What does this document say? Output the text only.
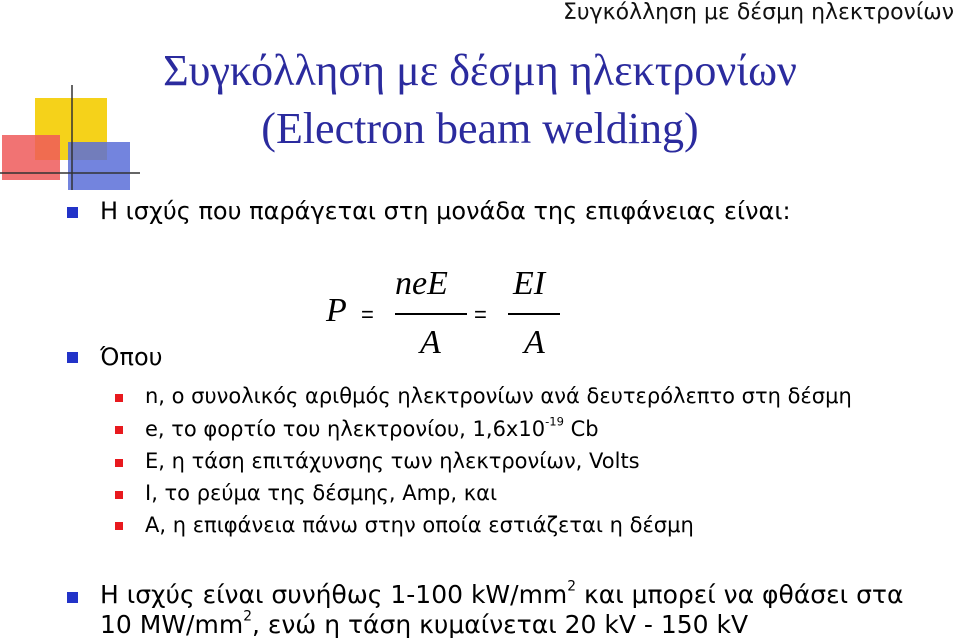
Συγκόλληση με δέσμη ηλεκτρονίων
Συγκόλληση με δέσμη ηλεκτρονίων
(Electron beam welding)
Η ισχύς που παράγεται στη μονάδα της επιφάνειας είναι:
P =
neE
A
=
EI
A
Όπου
n, ο συνολικός αριθμός ηλεκτρονίων ανά δευτερόλεπτο στη δέσμη
e, το φορτίο του ηλεκτρονίου, $1,6x10^{-19}$ Cb
E, η τάση επιτάχυνσης των ηλεκτρονίων, Volts
I, το ρεύμα της δέσμης, Amp, και
A, η επιφάνεια πάνω στην οποία εστιάζεται η δέσμη
Η ισχύς είναι συνήθως 1-100 $kW/mm^2$ και μπορεί να φθάσει στα
10 $MW/mm^2$, ενώ η τάση κυμαίνεται 20 kV - 150 kV
